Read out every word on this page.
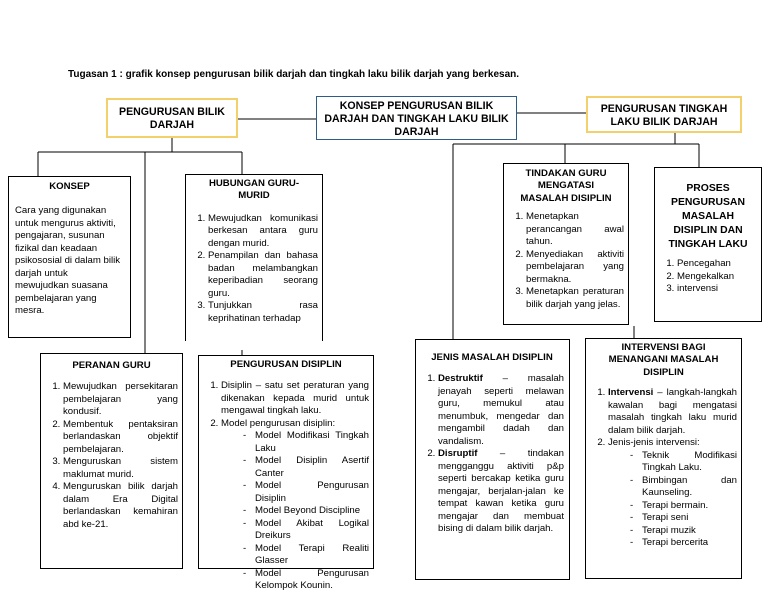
Tugasan 1 : grafik konsep pengurusan bilik darjah dan tingkah laku bilik darjah yang berkesan.
KONSEP PENGURUSAN BILIK DARJAH DAN TINGKAH LAKU BILIK DARJAH
PENGURUSAN BILIK DARJAH
PENGURUSAN TINGKAH LAKU BILIK DARJAH
KONSEP
Cara yang digunakan untuk mengurus aktiviti, pengajaran, susunan fizikal dan keadaan psikososial di dalam bilik darjah untuk mewujudkan suasana pembelajaran yang mesra.
HUBUNGAN GURU-MURID
1. Mewujudkan komunikasi berkesan antara guru dengan murid.
2. Penampilan dan bahasa badan melambangkan keperibadian seorang guru.
3. Tunjukkan rasa keprihatinan terhadap
PERANAN GURU
1. Mewujudkan persekitaran pembelajaran yang kondusif.
2. Membentuk pentaksiran berlandaskan objektif pembelajaran.
3. Menguruskan sistem maklumat murid.
4. Menguruskan bilik darjah dalam Era Digital berlandaskan kemahiran abd ke-21.
PENGURUSAN DISIPLIN
1. Disiplin – satu set peraturan yang dikenakan kepada murid untuk mengawal tingkah laku.
2. Model pengurusan disiplin:
- Model Modifikasi Tingkah Laku
- Model Disiplin Asertif Canter
- Model Pengurusan Disiplin
- Model Beyond Discipline
- Model Akibat Logikal Dreikurs
- Model Terapi Realiti Glasser
- Model Pengurusan Kelompok Kounin.
TINDAKAN GURU MENGATASI MASALAH DISIPLIN
1. Menetapkan perancangan awal tahun.
2. Menyediakan aktiviti pembelajaran yang bermakna.
3. Menetapkan peraturan bilik darjah yang jelas.
PROSES PENGURUSAN MASALAH DISIPLIN DAN TINGKAH LAKU
1. Pencegahan
2. Mengekalkan
3. intervensi
JENIS MASALAH DISIPLIN
1. Destruktif – masalah jenayah seperti melawan guru, memukul atau menumbuk, mengedar dan mengambil dadah dan vandalism.
2. Disruptif – tindakan mengganggu aktiviti p&p seperti bercakap ketika guru mengajar, berjalan-jalan ke tempat kawan ketika guru mengajar dan membuat bising di dalam bilik darjah.
INTERVENSI BAGI MENANGANI MASALAH DISIPLIN
1. Intervensi – langkah-langkah kawalan bagi mengatasi masalah tingkah laku murid dalam bilik darjah.
2. Jenis-jenis intervensi:
- Teknik Modifikasi Tingkah Laku.
- Bimbingan dan Kaunseling.
- Terapi bermain.
- Terapi seni
- Terapi muzik
- Terapi bercerita
